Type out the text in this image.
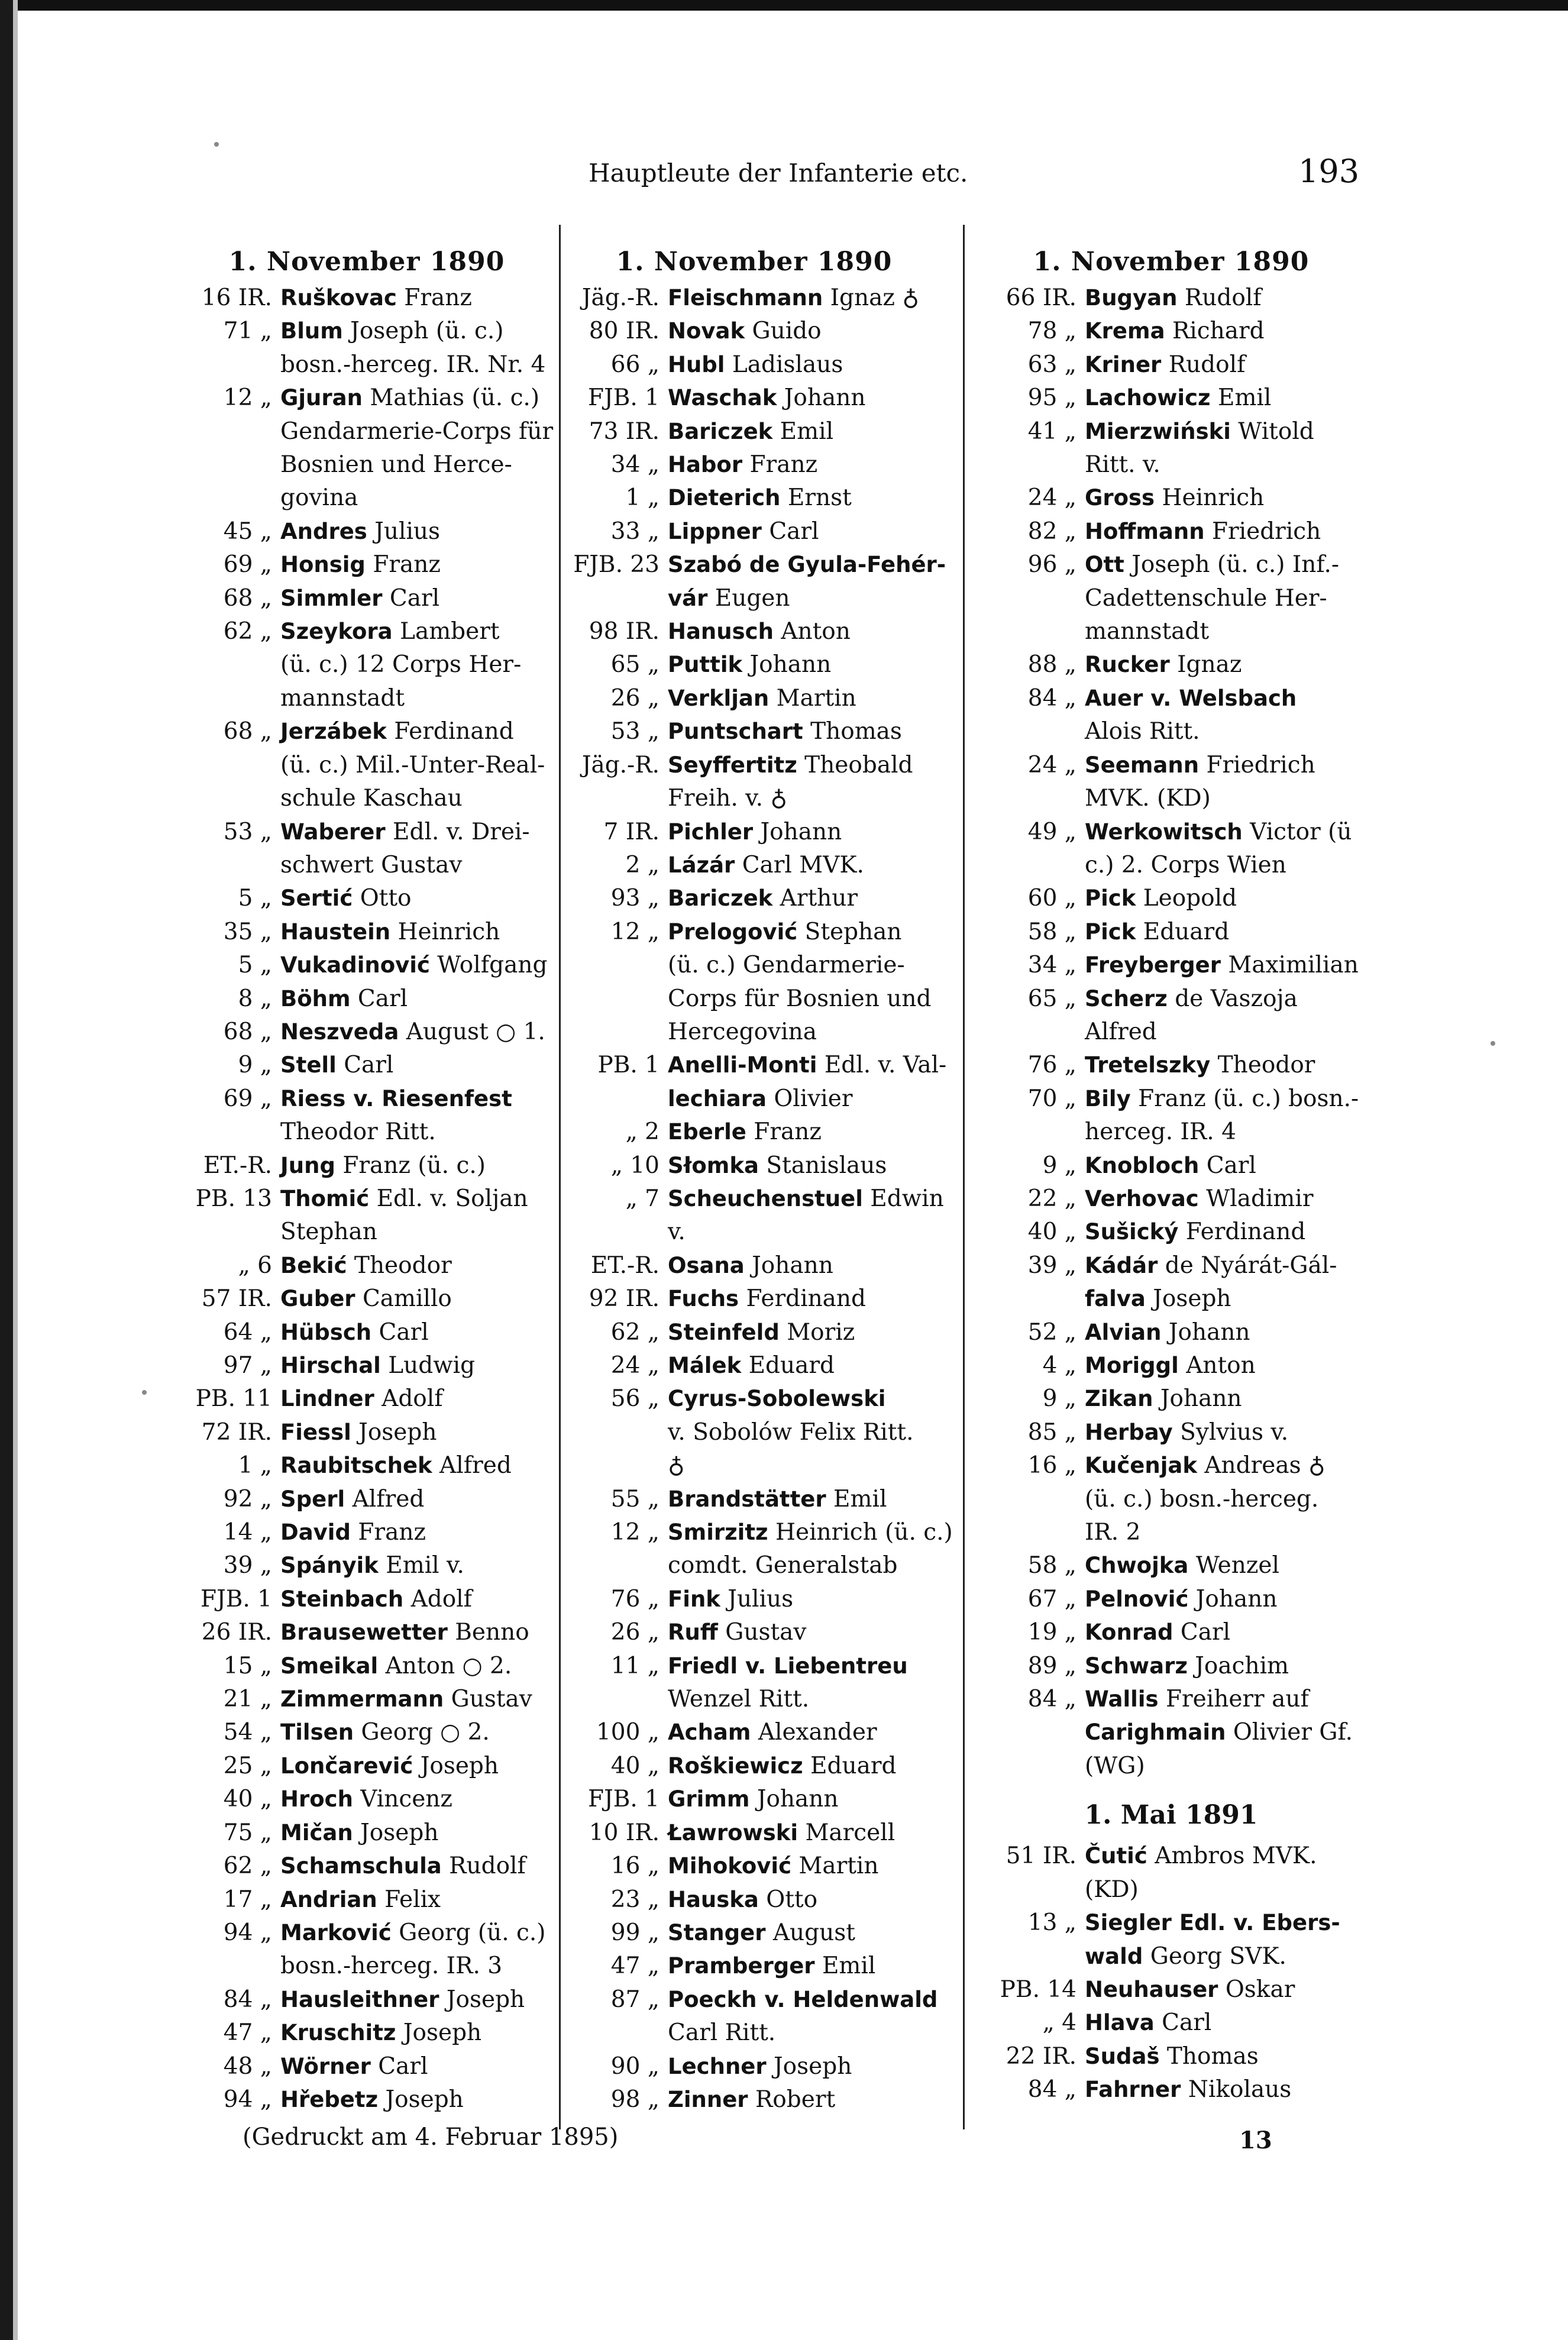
Hauptleute der Infanterie etc.	193
1. November 1890
16 IR. Ruškovac Franz
71 „ Blum Joseph (ü. c.)
bosn.-herceg. IR. Nr. 4
12 „ Gjuran Mathias (ü. c.)
Gendarmerie-Corps für
Bosnien und Herce-
govina
45 „ Andres Julius
69 „ Honsig Franz
68 „ Simmler Carl
62 „ Szeykora Lambert
(ü. c.) 12 Corps Her-
mannstadt
68 „ Jerzábek Ferdinand
(ü. c.) Mil.-Unter-Real-
schule Kaschau
53 „ Waberer Edl. v. Drei-
schwert Gustav
5 „ Sertić Otto
35 „ Haustein Heinrich
5 „ Vukadinović Wolfgang
8 „ Böhm Carl
68 „ Neszveda August ○ 1.
9 „ Stell Carl
69 „ Riess v. Riesenfest
Theodor Ritt.
ET.-R. Jung Franz (ü. c.)
PB. 13 Thomić Edl. v. Soljan
Stephan
„ 6 Bekić Theodor
57 IR. Guber Camillo
64 „ Hübsch Carl
97 „ Hirschal Ludwig
PB. 11 Lindner Adolf
72 IR. Fiessl Joseph
1 „ Raubitschek Alfred
92 „ Sperl Alfred
14 „ David Franz
39 „ Spányik Emil v.
FJB. 1 Steinbach Adolf
26 IR. Brausewetter Benno
15 „ Smeikal Anton ○ 2.
21 „ Zimmermann Gustav
54 „ Tilsen Georg ○ 2.
25 „ Lončarević Joseph
40 „ Hroch Vincenz
75 „ Mičan Joseph
62 „ Schamschula Rudolf
17 „ Andrian Felix
94 „ Marković Georg (ü. c.)
bosn.-herceg. IR. 3
84 „ Hausleithner Joseph
47 „ Kruschitz Joseph
48 „ Wörner Carl
94 „ Hřebetz Joseph
1. November 1890
Jäg.-R. Fleischmann Ignaz ♁
80 IR. Novak Guido
66 „ Hubl Ladislaus
FJB. 1 Waschak Johann
73 IR. Bariczek Emil
34 „ Habor Franz
1 „ Dieterich Ernst
33 „ Lippner Carl
FJB. 23 Szabó de Gyula-Fehér-
vár Eugen
98 IR. Hanusch Anton
65 „ Puttik Johann
26 „ Verkljan Martin
53 „ Puntschart Thomas
Jäg.-R. Seyffertitz Theobald
Freih. v. ♁
7 IR. Pichler Johann
2 „ Lázár Carl MVK.
93 „ Bariczek Arthur
12 „ Prelogović Stephan
(ü. c.) Gendarmerie-
Corps für Bosnien und
Hercegovina
PB. 1 Anelli-Monti Edl. v. Val-
lechiara Olivier
„ 2 Eberle Franz
„ 10 Słomka Stanislaus
„ 7 Scheuchenstuel Edwin
v.
ET.-R. Osana Johann
92 IR. Fuchs Ferdinand
62 „ Steinfeld Moriz
24 „ Málek Eduard
56 „ Cyrus-Sobolewski
v. Sobolów Felix Ritt.
♁
55 „ Brandstätter Emil
12 „ Smirzitz Heinrich (ü. c.)
comdt. Generalstab
76 „ Fink Julius
26 „ Ruff Gustav
11 „ Friedl v. Liebentreu
Wenzel Ritt.
100 „ Acham Alexander
40 „ Roškiewicz Eduard
FJB. 1 Grimm Johann
10 IR. Ławrowski Marcell
16 „ Mihoković Martin
23 „ Hauska Otto
99 „ Stanger August
47 „ Pramberger Emil
87 „ Poeckh v. Heldenwald
Carl Ritt.
90 „ Lechner Joseph
98 „ Zinner Robert
1. November 1890
66 IR. Bugyan Rudolf
78 „ Krema Richard
63 „ Kriner Rudolf
95 „ Lachowicz Emil
41 „ Mierzwiński Witold
Ritt. v.
24 „ Gross Heinrich
82 „ Hoffmann Friedrich
96 „ Ott Joseph (ü. c.) Inf.-
Cadettenschule Her-
mannstadt
88 „ Rucker Ignaz
84 „ Auer v. Welsbach
Alois Ritt.
24 „ Seemann Friedrich
MVK. (KD)
49 „ Werkowitsch Victor (ü
c.) 2. Corps Wien
60 „ Pick Leopold
58 „ Pick Eduard
34 „ Freyberger Maximilian
65 „ Scherz de Vaszoja
Alfred
76 „ Tretelszky Theodor
70 „ Bily Franz (ü. c.) bosn.-
herceg. IR. 4
9 „ Knobloch Carl
22 „ Verhovac Wladimir
40 „ Sušický Ferdinand
39 „ Kádár de Nyárát-Gál-
falva Joseph
52 „ Alvian Johann
4 „ Moriggl Anton
9 „ Zikan Johann
85 „ Herbay Sylvius v.
16 „ Kučenjak Andreas ♁
(ü. c.) bosn.-herceg.
IR. 2
58 „ Chwojka Wenzel
67 „ Pelnović Johann
19 „ Konrad Carl
89 „ Schwarz Joachim
84 „ Wallis Freiherr auf
Carighmain Olivier Gf.
(WG)
1. Mai 1891
51 IR. Čutić Ambros MVK.
(KD)
13 „ Siegler Edl. v. Ebers-
wald Georg SVK.
PB. 14 Neuhauser Oskar
„ 4 Hlava Carl
22 IR. Sudaš Thomas
84 „ Fahrner Nikolaus
(Gedruckt am 4. Februar 1895)	13
